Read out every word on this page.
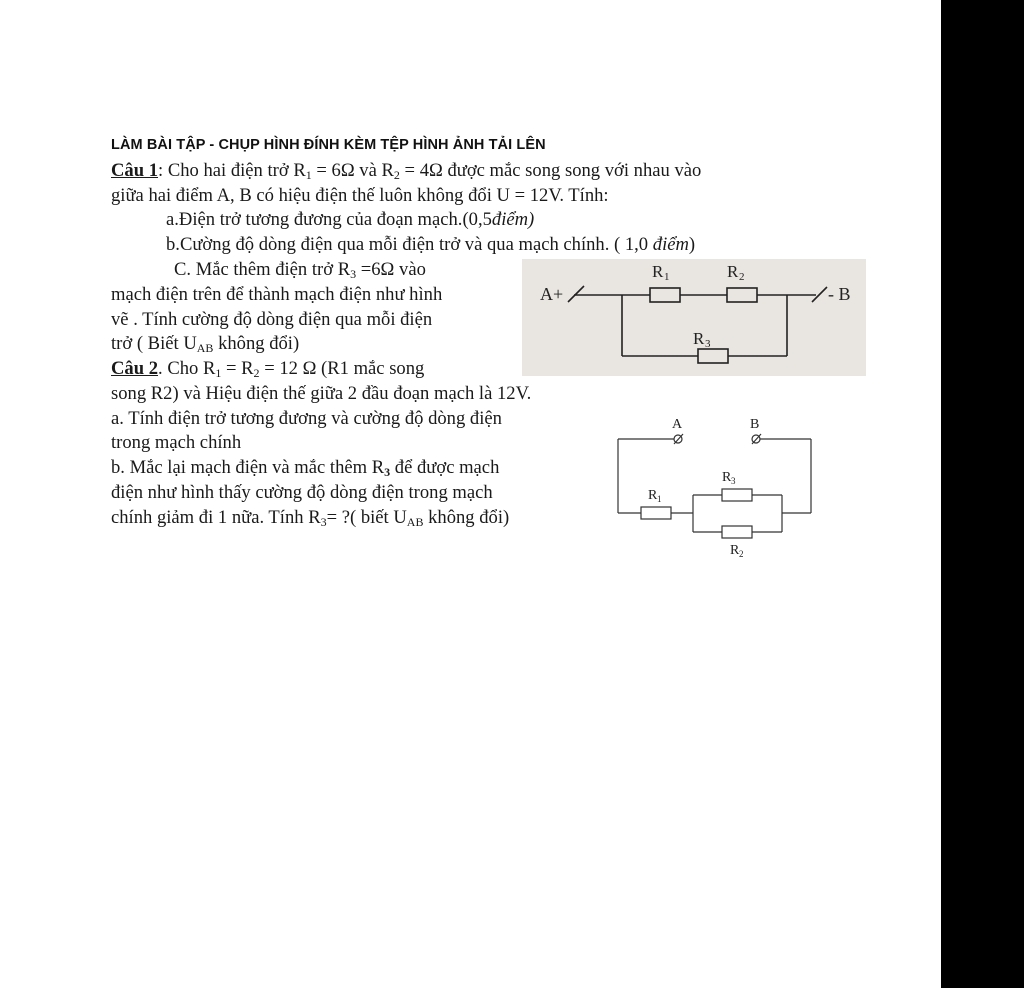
LÀM BÀI TẬP - CHỤP HÌNH ĐÍNH KÈM TỆP HÌNH ẢNH TẢI LÊN
Câu 1: Cho hai điện trở $R_1 = 6\Omega$ và $R_2 = 4\Omega$ được mắc song song với nhau vào
giữa hai điểm A, B có hiệu điện thế luôn không đổi U = 12V. Tính:
a.Điện trở tương đương của đoạn mạch.(0,5điểm)
b.Cường độ dòng điện qua mỗi điện trở và qua mạch chính. ( 1,0 điểm)
C. Mắc thêm điện trở $R_3 =6\Omega$ vào
mạch điện trên để thành mạch điện như hình
vẽ . Tính cường độ dòng điện qua mỗi điện
trở ( Biết $U_{AB}$ không đổi)
Câu 2. Cho $R_1 = R_2 = 12$ Ω (R1 mắc song
song R2) và Hiệu điện thế giữa 2 đầu đoạn mạch là 12V.
a. Tính điện trở tương đương và cường độ dòng điện
trong mạch chính
b. Mắc lại mạch điện và mắc thêm $R_3$ để được mạch
điện như hình thấy cường độ dòng điện trong mạch
chính giảm đi 1 nữa. Tính $R_3=$ ?( biết $U_{AB}$ không đổi)
A+	- B
R 1	R 2
R 3
A	B
R 1
R 3
R 2
